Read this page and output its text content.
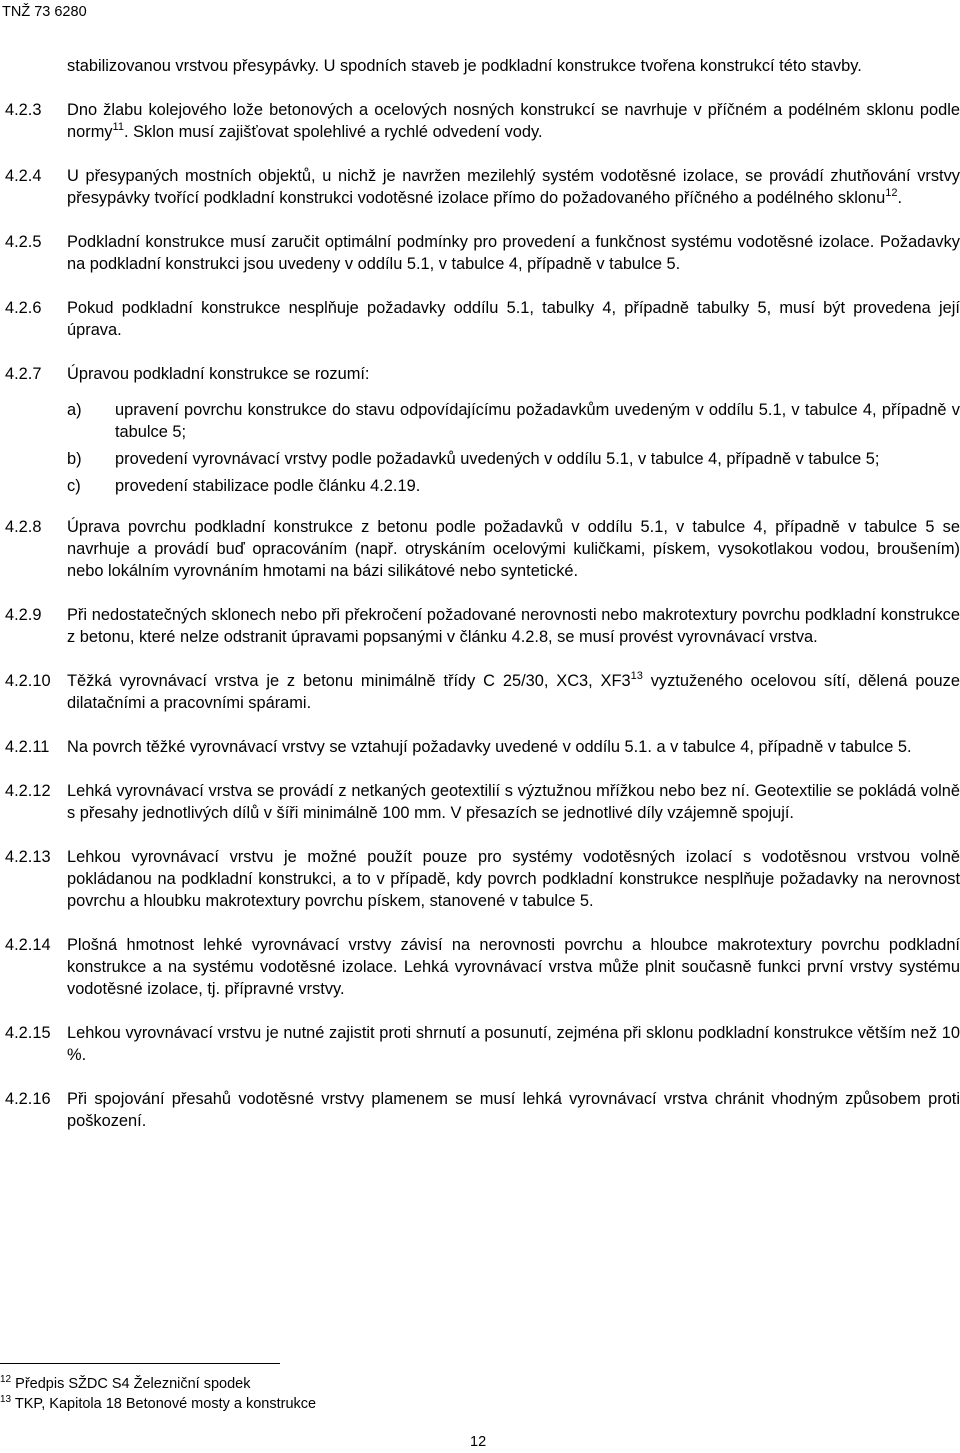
TNŽ 73 6280
stabilizovanou vrstvou přesypávky. U spodních staveb je podkladní konstrukce tvořena konstrukcí této stavby.
4.2.3	Dno žlabu kolejového lože betonových a ocelových nosných konstrukcí se navrhuje v příčném a podélném sklonu podle normy$^{11}$. Sklon musí zajišťovat spolehlivé a rychlé odvedení vody.
4.2.4	U přesypaných mostních objektů, u nichž je navržen mezilehlý systém vodotěsné izolace, se provádí zhutňování vrstvy přesypávky tvořící podkladní konstrukci vodotěsné izolace přímo do požadovaného příčného a podélného sklonu$^{12}$.
4.2.5	Podkladní konstrukce musí zaručit optimální podmínky pro provedení a funkčnost systému vodotěsné izolace. Požadavky na podkladní konstrukci jsou uvedeny v oddílu 5.1, v tabulce 4, případně v tabulce 5.
4.2.6	Pokud podkladní konstrukce nesplňuje požadavky oddílu 5.1, tabulky 4, případně tabulky 5, musí být provedena její úprava.
4.2.7	Úpravou podkladní konstrukce se rozumí:
a)	upravení povrchu konstrukce do stavu odpovídajícímu požadavkům uvedeným v oddílu 5.1, v tabulce 4, případně v tabulce 5;
b)	provedení vyrovnávací vrstvy podle požadavků uvedených v oddílu 5.1, v tabulce 4, případně v tabulce 5;
c)	provedení stabilizace podle článku 4.2.19.
4.2.8	Úprava povrchu podkladní konstrukce z betonu podle požadavků v oddílu 5.1, v tabulce 4, případně v tabulce 5 se navrhuje a provádí buď opracováním (např. otryskáním ocelovými kuličkami, pískem, vysokotlakou vodou, broušením) nebo lokálním vyrovnáním hmotami na bázi silikátové nebo syntetické.
4.2.9	Při nedostatečných sklonech nebo při překročení požadované nerovnosti nebo makrotextury povrchu podkladní konstrukce z betonu, které nelze odstranit úpravami popsanými v článku 4.2.8, se musí provést vyrovnávací vrstva.
4.2.10	Těžká vyrovnávací vrstva je z betonu minimálně třídy C 25/30, XC3, $XF3^{13}$ vyztuženého ocelovou sítí, dělená pouze dilatačními a pracovními spárami.
4.2.11	Na povrch těžké vyrovnávací vrstvy se vztahují požadavky uvedené v oddílu 5.1. a v tabulce 4, případně v tabulce 5.
4.2.12	Lehká vyrovnávací vrstva se provádí z netkaných geotextilií s výztužnou mřížkou nebo bez ní. Geotextilie se pokládá volně s přesahy jednotlivých dílů v šíři minimálně 100 mm. V přesazích se jednotlivé díly vzájemně spojují.
4.2.13	Lehkou vyrovnávací vrstvu je možné použít pouze pro systémy vodotěsných izolací s vodotěsnou vrstvou volně pokládanou na podkladní konstrukci, a to v případě, kdy povrch podkladní konstrukce nesplňuje požadavky na nerovnost povrchu a hloubku makrotextury povrchu pískem, stanovené v tabulce 5.
4.2.14	Plošná hmotnost lehké vyrovnávací vrstvy závisí na nerovnosti povrchu a hloubce makrotextury povrchu podkladní konstrukce a na systému vodotěsné izolace. Lehká vyrovnávací vrstva může plnit současně funkci první vrstvy systému vodotěsné izolace, tj. přípravné vrstvy.
4.2.15	Lehkou vyrovnávací vrstvu je nutné zajistit proti shrnutí a posunutí, zejména při sklonu podkladní konstrukce větším než 10 %.
4.2.16	Při spojování přesahů vodotěsné vrstvy plamenem se musí lehká vyrovnávací vrstva chránit vhodným způsobem proti poškození.
$^{12}$ Předpis SŽDC S4 Železniční spodek
$^{13}$ TKP, Kapitola 18 Betonové mosty a konstrukce
12
